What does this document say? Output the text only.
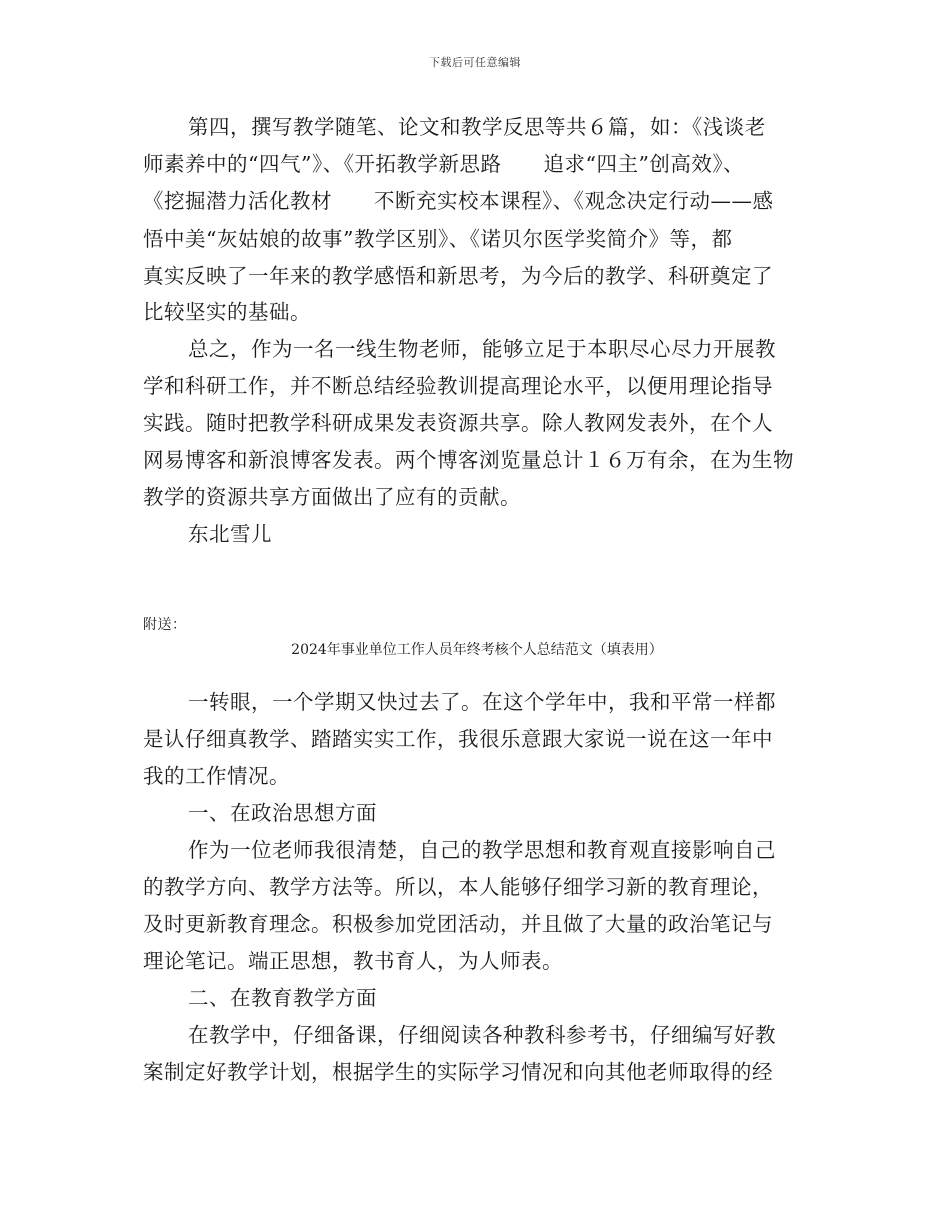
下载后可任意编辑
第四，撰写教学随笔、论文和教学反思等共６篇，如：《浅谈老
师素养中的“四气”》、《开拓教学新思路　　追求“四主”创高效》、
《挖掘潜力活化教材　　不断充实校本课程》、《观念决定行动——感
悟中美“灰姑娘的故事”教学区别》、《诺贝尔医学奖简介》等，都
真实反映了一年来的教学感悟和新思考，为今后的教学、科研奠定了
比较坚实的基础。
总之，作为一名一线生物老师，能够立足于本职尽心尽力开展教
学和科研工作，并不断总结经验教训提高理论水平，以便用理论指导
实践。随时把教学科研成果发表资源共享。除人教网发表外，在个人
网易博客和新浪博客发表。两个博客浏览量总计１６万有余，在为生物
教学的资源共享方面做出了应有的贡献。
东北雪儿
附送：
2024年事业单位工作人员年终考核个人总结范文（填表用）
一转眼，一个学期又快过去了。在这个学年中，我和平常一样都
是认仔细真教学、踏踏实实工作，我很乐意跟大家说一说在这一年中
我的工作情况。
一、在政治思想方面
作为一位老师我很清楚，自己的教学思想和教育观直接影响自己
的教学方向、教学方法等。所以，本人能够仔细学习新的教育理论，
及时更新教育理念。积极参加党团活动，并且做了大量的政治笔记与
理论笔记。端正思想，教书育人，为人师表。
二、在教育教学方面
在教学中，仔细备课，仔细阅读各种教科参考书，仔细编写好教
案制定好教学计划，根据学生的实际学习情况和向其他老师取得的经
